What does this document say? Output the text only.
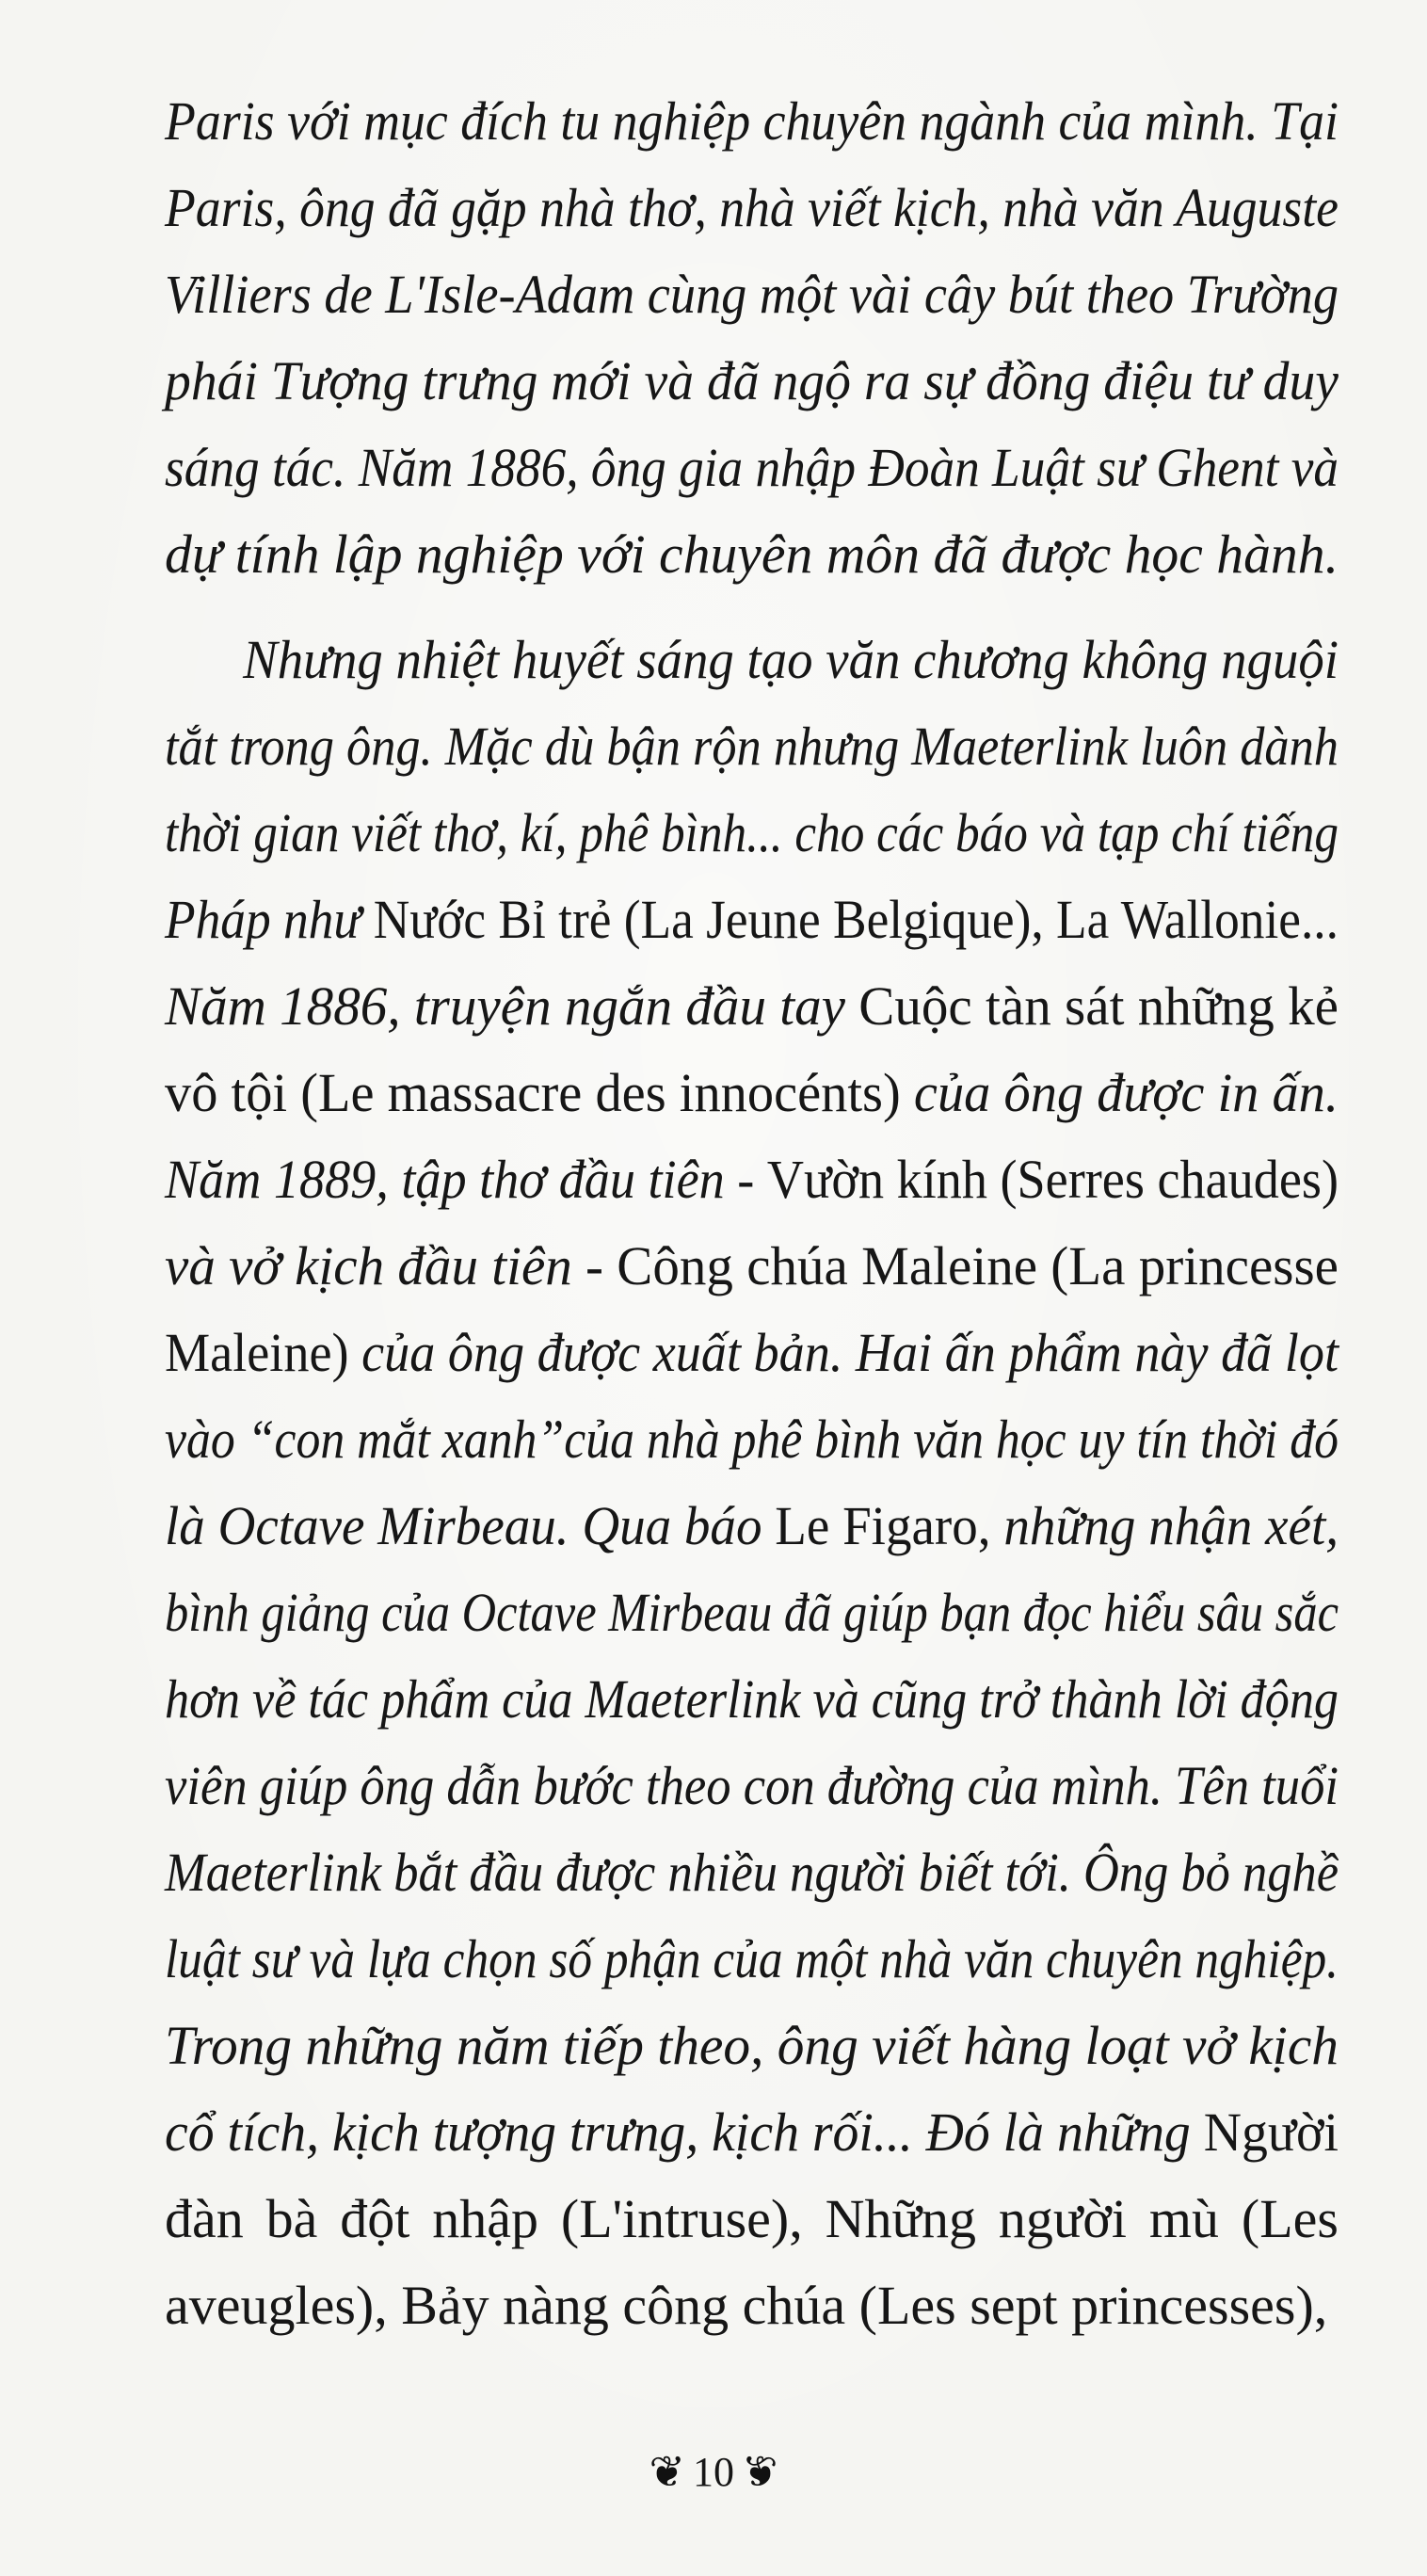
Paris với mục đích tu nghiệp chuyên ngành của mình. Tại
Paris, ông đã gặp nhà thơ, nhà viết kịch, nhà văn Auguste
Villiers de L'Isle-Adam cùng một vài cây bút theo Trường
phái Tượng trưng mới và đã ngộ ra sự đồng điệu tư duy
sáng tác. Năm 1886, ông gia nhập Đoàn Luật sư Ghent và
dự tính lập nghiệp với chuyên môn đã được học hành.
Nhưng nhiệt huyết sáng tạo văn chương không nguội
tắt trong ông. Mặc dù bận rộn nhưng Maeterlink luôn dành
thời gian viết thơ, kí, phê bình... cho các báo và tạp chí tiếng
Pháp như Nước Bỉ trẻ (La Jeune Belgique), La Wallonie...
Năm 1886, truyện ngắn đầu tay Cuộc tàn sát những kẻ
vô tội (Le massacre des innocénts) của ông được in ấn.
Năm 1889, tập thơ đầu tiên - Vườn kính (Serres chaudes)
và vở kịch đầu tiên - Công chúa Maleine (La princesse
Maleine) của ông được xuất bản. Hai ấn phẩm này đã lọt
vào “con mắt xanh”của nhà phê bình văn học uy tín thời đó
là Octave Mirbeau. Qua báo Le Figaro, những nhận xét,
bình giảng của Octave Mirbeau đã giúp bạn đọc hiểu sâu sắc
hơn về tác phẩm của Maeterlink và cũng trở thành lời động
viên giúp ông dẫn bước theo con đường của mình. Tên tuổi
Maeterlink bắt đầu được nhiều người biết tới. Ông bỏ nghề
luật sư và lựa chọn số phận của một nhà văn chuyên nghiệp.
Trong những năm tiếp theo, ông viết hàng loạt vở kịch
cổ tích, kịch tượng trưng, kịch rối... Đó là những Người
đàn bà đột nhập (L'intruse), Những người mù (Les
aveugles), Bảy nàng công chúa (Les sept princesses),
❦ 10 ❦
